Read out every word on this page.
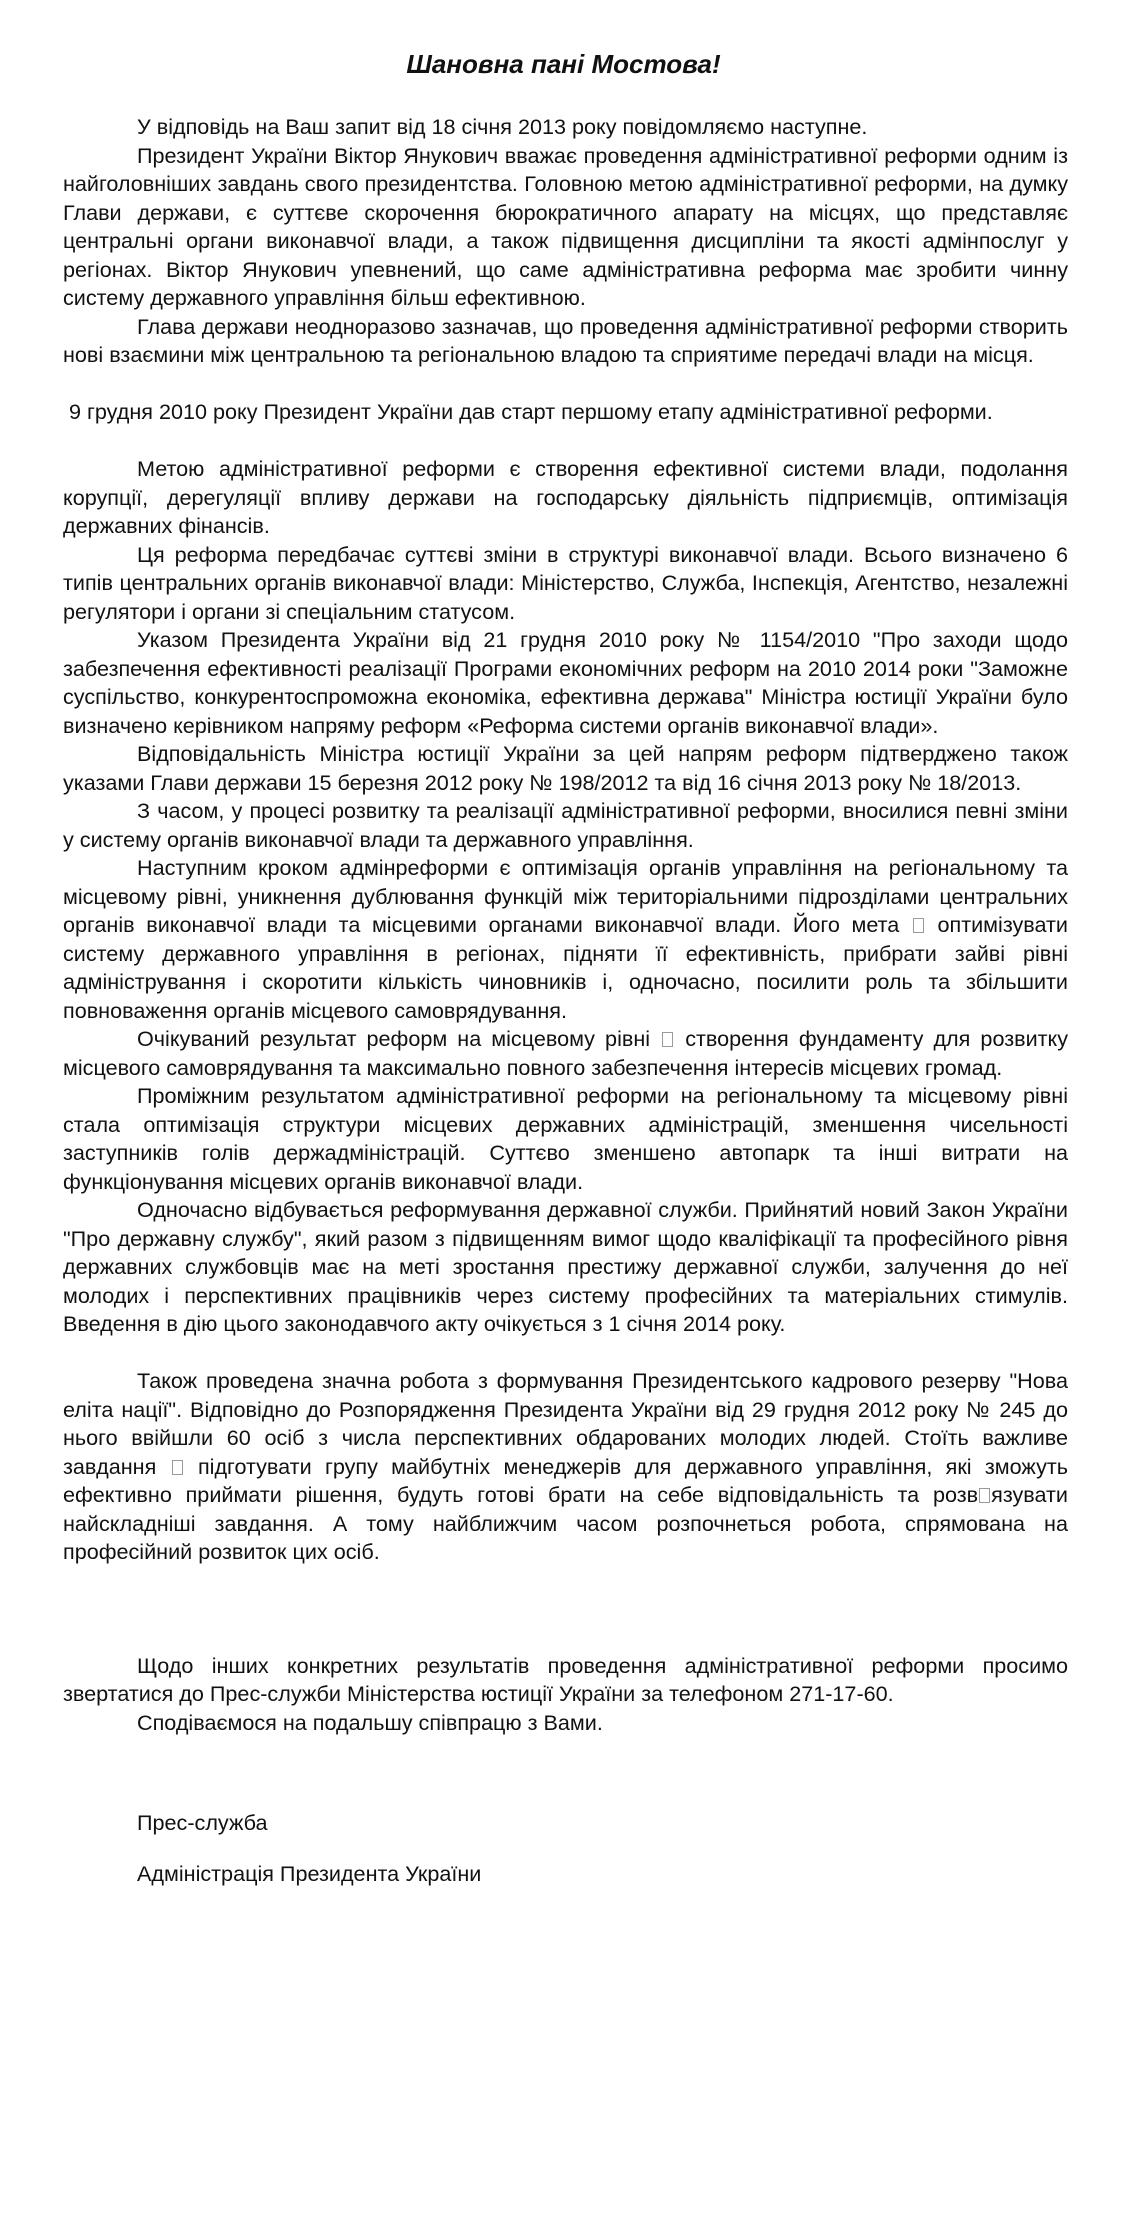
Шановна пані Мостова!

У відповідь на Ваш запит від 18 січня 2013 року повідомляємо наступне.

Президент України Віктор Янукович вважає проведення адміністративної реформи одним із найголовніших завдань свого президентства. Головною метою адміністративної реформи, на думку Глави держави, є суттєве скорочення бюрократичного апарату на місцях, що представляє центральні органи виконавчої влади, а також підвищення дисципліни та якості адмінпослуг у регіонах. Віктор Янукович упевнений, що саме адміністративна реформа має зробити чинну систему державного управління більш ефективною.

Глава держави неодноразово зазначав, що проведення адміністративної реформи створить нові взаємини між центральною та регіональною владою та сприятиме передачі влади на місця.

9 грудня 2010 року Президент України дав старт першому етапу адміністративної реформи.

Метою адміністративної реформи є створення ефективної системи влади, подолання корупції, дерегуляції впливу держави на господарську діяльність підприємців, оптимізація державних фінансів.

Ця реформа передбачає суттєві зміни в структурі виконавчої влади. Всього визначено 6 типів центральних органів виконавчої влади: Міністерство, Служба, Інспекція, Агентство, незалежні регулятори і органи зі спеціальним статусом.

Указом Президента України від 21 грудня 2010 року № 1154/2010 "Про заходи щодо забезпечення ефективності реалізації Програми економічних реформ на 2010 2014 роки "Заможне суспільство, конкурентоспроможна економіка, ефективна держава" Міністра юстиції України було визначено керівником напряму реформ «Реформа системи органів виконавчої влади».

Відповідальність Міністра юстиції України за цей напрям реформ підтверджено також указами Глави держави 15 березня 2012 року № 198/2012 та від 16 січня 2013 року № 18/2013.

З часом, у процесі розвитку та реалізації адміністративної реформи, вносилися певні зміни у систему органів виконавчої влади та державного управління.

Наступним кроком адмінреформи є оптимізація органів управління на регіональному та місцевому рівні, уникнення дублювання функцій між територіальними підрозділами центральних органів виконавчої влади та місцевими органами виконавчої влади. Його мета оптимізувати систему державного управління в регіонах, підняти її ефективність, прибрати зайві рівні адміністрування і скоротити кількість чиновників і, одночасно, посилити роль та збільшити повноваження органів місцевого самоврядування.

Очікуваний результат реформ на місцевому рівні створення фундаменту для розвитку місцевого самоврядування та максимально повного забезпечення інтересів місцевих громад.

Проміжним результатом адміністративної реформи на регіональному та місцевому рівні стала оптимізація структури місцевих державних адміністрацій, зменшення чисельності заступників голів держадміністрацій. Суттєво зменшено автопарк та інші витрати на функціонування місцевих органів виконавчої влади.

Одночасно відбувається реформування державної служби. Прийнятий новий Закон України "Про державну службу", який разом з підвищенням вимог щодо кваліфікації та професійного рівня державних службовців має на меті зростання престижу державної служби, залучення до неї молодих і перспективних працівників через систему професійних та матеріальних стимулів. Введення в дію цього законодавчого акту очікується з 1 січня 2014 року.

Також проведена значна робота з формування Президентського кадрового резерву "Нова еліта нації". Відповідно до Розпорядження Президента України від 29 грудня 2012 року № 245 до нього ввійшли 60 осіб з числа перспективних обдарованих молодих людей. Стоїть важливе завдання підготувати групу майбутніх менеджерів для державного управління, які зможуть ефективно приймати рішення, будуть готові брати на себе відповідальність та розв язувати найскладніші завдання. А тому найближчим часом розпочнеться робота, спрямована на професійний розвиток цих осіб.

Щодо інших конкретних результатів проведення адміністративної реформи просимо звертатися до Прес-служби Міністерства юстиції України за телефоном 271-17-60.

Сподіваємося на подальшу співпрацю з Вами.

Прес-служба

Адміністрація Президента України
